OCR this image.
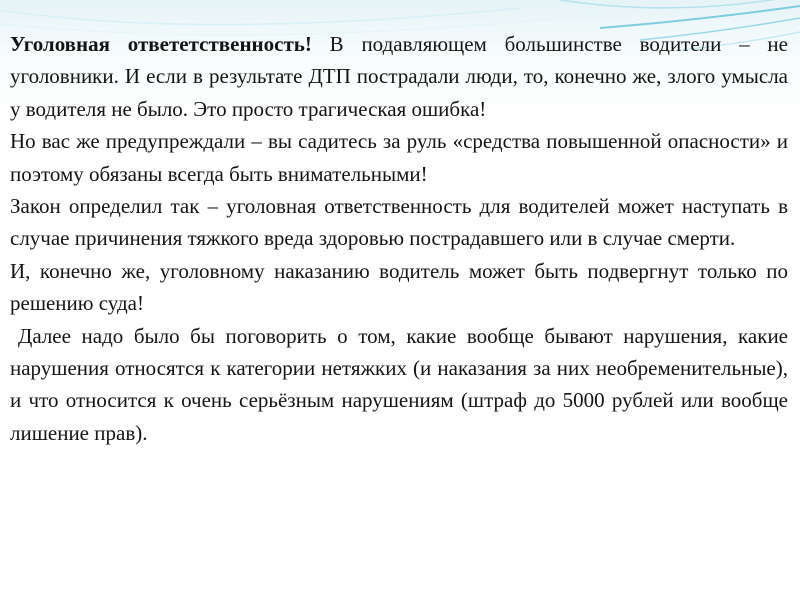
Уголовная ответетственность! В подавляющем большинстве водители – не уголовники. И если в результате ДТП пострадали люди, то, конечно же, злого умысла у водителя не было. Это просто трагическая ошибка!

Но вас же предупреждали – вы садитесь за руль «средства повышенной опасности» и поэтому обязаны всегда быть внимательными!

Закон определил так – уголовная ответственность для водителей может наступать в случае причинения тяжкого вреда здоровью пострадавшего или в случае смерти.

И, конечно же, уголовному наказанию водитель может быть подвергнут только по решению суда!

Далее надо было бы поговорить о том, какие вообще бывают нарушения, какие нарушения относятся к категории нетяжких (и наказания за них необременительные), и что относится к очень серьёзным нарушениям (штраф до 5000 рублей или вообще лишение прав).
